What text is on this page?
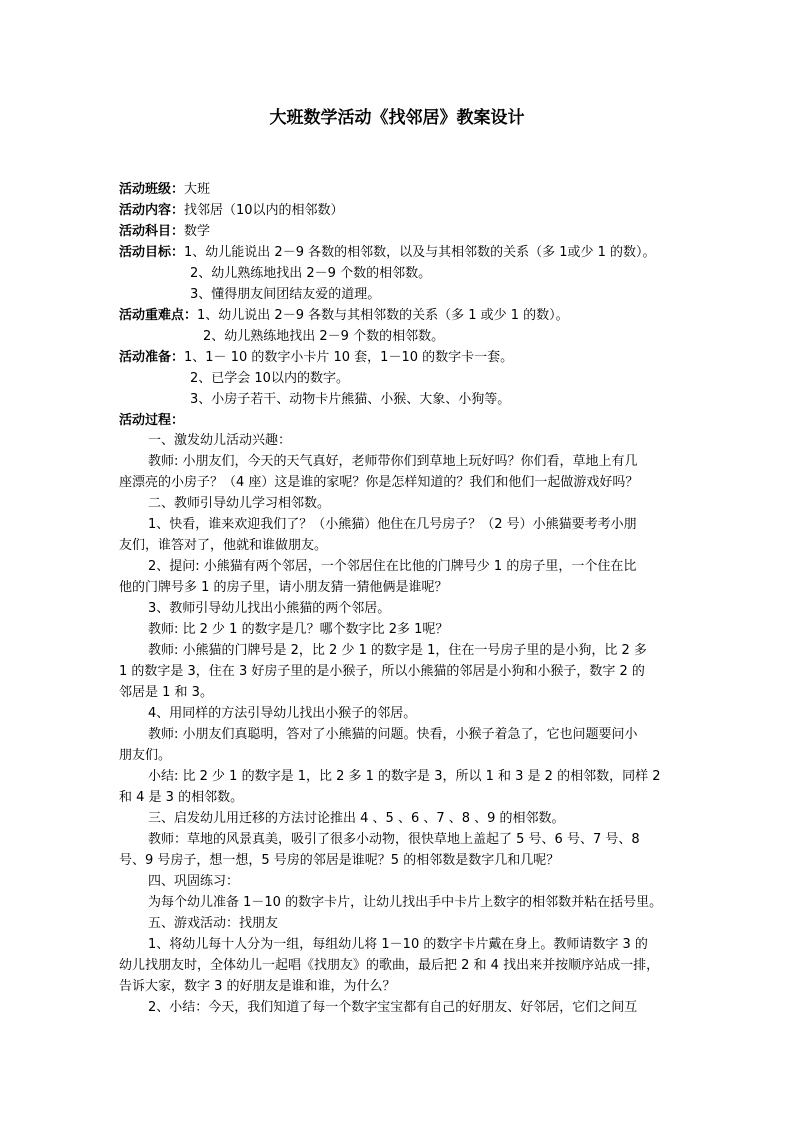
大班数学活动《找邻居》教案设计
活动班级：大班
活动内容：找邻居（10以内的相邻数）
活动科目：数学
活动目标：1、幼儿能说出 2－9 各数的相邻数，以及与其相邻数的关系（多 1或少 1 的数）。
2、幼儿熟练地找出 2－9 个数的相邻数。
3、懂得朋友间团结友爱的道理。
活动重难点：1、幼儿说出 2－9 各数与其相邻数的关系（多 1 或少 1 的数）。
2、幼儿熟练地找出 2－9 个数的相邻数。
活动准备：1、1－ 10 的数字小卡片 10 套，1－10 的数字卡一套。
2、已学会 10以内的数字。
3、小房子若干、动物卡片熊猫、小猴、大象、小狗等。
活动过程：
一、激发幼儿活动兴趣：
教师: 小朋友们，今天的天气真好，老师带你们到草地上玩好吗？你们看，草地上有几
座漂亮的小房子？（4 座）这是谁的家呢？你是怎样知道的？我们和他们一起做游戏好吗？
二、教师引导幼儿学习相邻数。
1、快看，谁来欢迎我们了？（小熊猫）他住在几号房子？（2 号）小熊猫要考考小朋
友们，谁答对了，他就和谁做朋友。
2、提问: 小熊猫有两个邻居，一个邻居住在比他的门牌号少 1 的房子里，一个住在比
他的门牌号多 1 的房子里，请小朋友猜一猜他俩是谁呢？
3、教师引导幼儿找出小熊猫的两个邻居。
教师: 比 2 少 1 的数字是几？哪个数字比 2多 1呢？
教师: 小熊猫的门牌号是 2，比 2 少 1 的数字是 1，住在一号房子里的是小狗，比 2 多
1 的数字是 3，住在 3 好房子里的是小猴子，所以小熊猫的邻居是小狗和小猴子，数字 2 的
邻居是 1 和 3。
4、用同样的方法引导幼儿找出小猴子的邻居。
教师: 小朋友们真聪明，答对了小熊猫的问题。快看，小猴子着急了，它也问题要问小
朋友们。
小结: 比 2 少 1 的数字是 1，比 2 多 1 的数字是 3，所以 1 和 3 是 2 的相邻数，同样 2
和 4 是 3 的相邻数。
三、启发幼儿用迁移的方法讨论推出 4 、5 、6 、7 、8 、9 的相邻数。
教师：草地的风景真美，吸引了很多小动物，很快草地上盖起了 5 号、6 号、7 号、8
号、9 号房子，想一想，5 号房的邻居是谁呢？5 的相邻数是数字几和几呢？
四、巩固练习：
为每个幼儿准备 1－10 的数字卡片，让幼儿找出手中卡片上数字的相邻数并粘在括号里。
五、游戏活动：找朋友
1、将幼儿每十人分为一组，每组幼儿将 1－10 的数字卡片戴在身上。教师请数字 3 的
幼儿找朋友时，全体幼儿一起唱《找朋友》的歌曲，最后把 2 和 4 找出来并按顺序站成一排，
告诉大家，数字 3 的好朋友是谁和谁，为什么？
2、小结：今天，我们知道了每一个数字宝宝都有自己的好朋友、好邻居，它们之间互
